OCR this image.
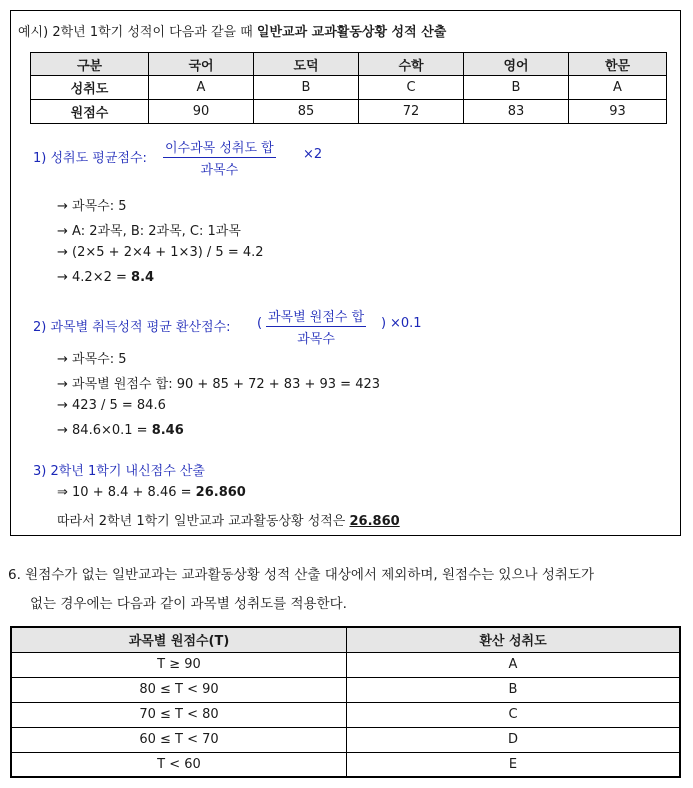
예시) 2학년 1학기 성적이 다음과 같을 때 일반교과 교과활동상황 성적 산출
구분	국어	도덕	수학	영어	한문
성취도	A	B	C	B	A
원점수	90	85	72	83	93
1) 성취도 평균점수:
이수과목 성취도 합
과목수
×2
→ 과목수: 5
→ A: 2과목, B: 2과목, C: 1과목
→ (2×5 + 2×4 + 1×3) / 5 = 4.2
→ 4.2×2 = 8.4
2) 과목별 취득성적 평균 환산점수: ( 과목별 원점수 합
과목수
) ×0.1
→ 과목수: 5
→ 과목별 원점수 합: 90 + 85 + 72 + 83 + 93 = 423
→ 423 / 5 = 84.6
→ 84.6×0.1 = 8.46
3) 2학년 1학기 내신점수 산출
⇒ 10 + 8.4 + 8.46 = 26.860
따라서 2학년 1학기 일반교과 교과활동상황 성적은 26.860
6. 원점수가 없는 일반교과는 교과활동상황 성적 산출 대상에서 제외하며, 원점수는 있으나 성취도가
없는 경우에는 다음과 같이 과목별 성취도를 적용한다.
과목별 원점수(T)	환산 성취도
T ≥ 90	A
80 ≤ T < 90	B
70 ≤ T < 80	C
60 ≤ T < 70	D
T < 60	E
